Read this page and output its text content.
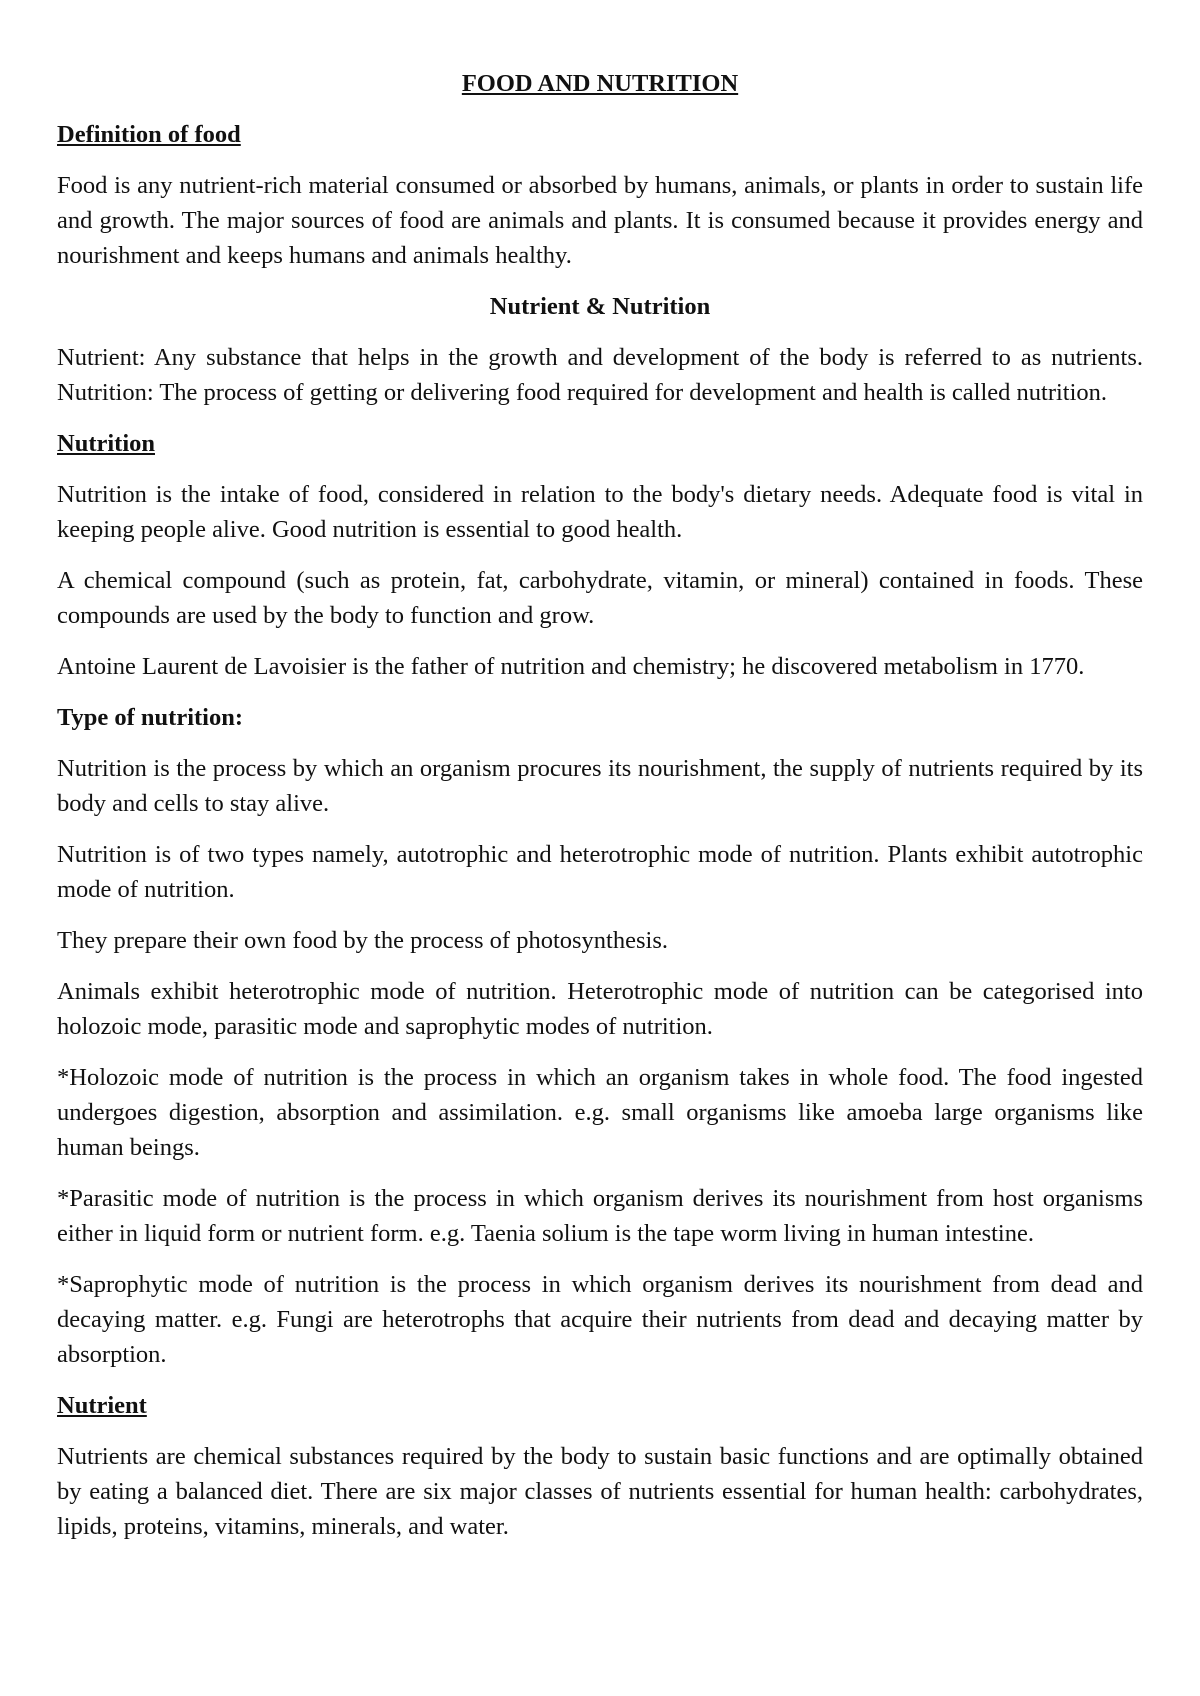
FOOD AND NUTRITION
Definition of food

Food is any nutrient-rich material consumed or absorbed by humans, animals, or plants in order to sustain life and growth. The major sources of food are animals and plants. It is consumed because it provides energy and nourishment and keeps humans and animals healthy.

Nutrient & Nutrition

Nutrient: Any substance that helps in the growth and development of the body is referred to as nutrients. Nutrition: The process of getting or delivering food required for development and health is called nutrition.

Nutrition

Nutrition is the intake of food, considered in relation to the body's dietary needs. Adequate food is vital in keeping people alive. Good nutrition is essential to good health.

A chemical compound (such as protein, fat, carbohydrate, vitamin, or mineral) contained in foods. These compounds are used by the body to function and grow.

Antoine Laurent de Lavoisier is the father of nutrition and chemistry; he discovered metabolism in 1770.

Type of nutrition:

Nutrition is the process by which an organism procures its nourishment, the supply of nutrients required by its body and cells to stay alive.

Nutrition is of two types namely, autotrophic and heterotrophic mode of nutrition. Plants exhibit autotrophic mode of nutrition.

They prepare their own food by the process of photosynthesis.

Animals exhibit heterotrophic mode of nutrition. Heterotrophic mode of nutrition can be categorised into holozoic mode, parasitic mode and saprophytic modes of nutrition.

*Holozoic mode of nutrition is the process in which an organism takes in whole food. The food ingested undergoes digestion, absorption and assimilation. e.g. small organisms like amoeba large organisms like human beings.

*Parasitic mode of nutrition is the process in which organism derives its nourishment from host organisms either in liquid form or nutrient form. e.g. Taenia solium is the tape worm living in human intestine.

*Saprophytic mode of nutrition is the process in which organism derives its nourishment from dead and decaying matter. e.g. Fungi are heterotrophs that acquire their nutrients from dead and decaying matter by absorption.

Nutrient

Nutrients are chemical substances required by the body to sustain basic functions and are optimally obtained by eating a balanced diet. There are six major classes of nutrients essential for human health: carbohydrates, lipids, proteins, vitamins, minerals, and water.
